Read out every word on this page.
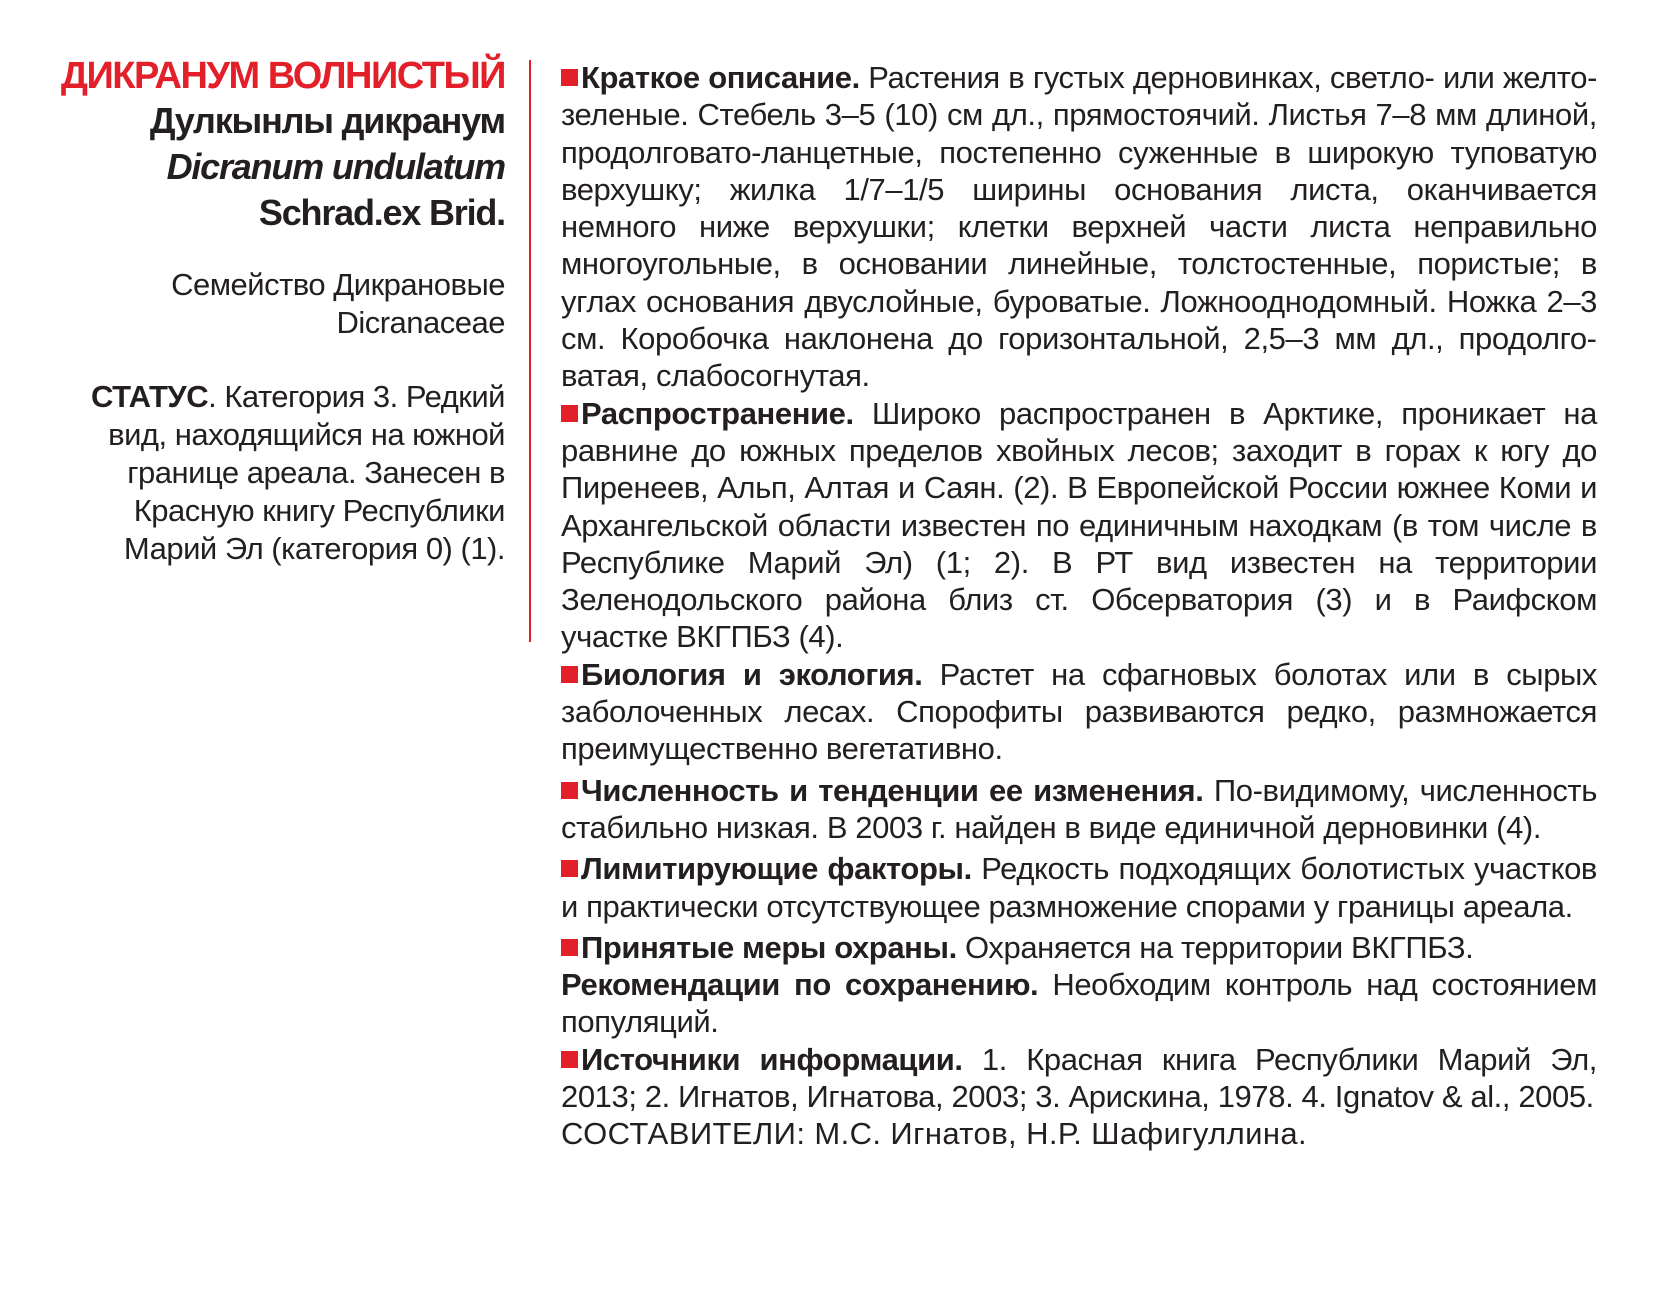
ДИКРАНУМ ВОЛНИСТЫЙ
Дулкынлы дикранум
Dicranum undulatum
Schrad.ex Brid.
Семейство Дикрановые
Dicranaceae
СТАТУС. Категория 3. Редкий вид, находящийся на южной границе ареала. Занесен в Красную книгу Республики Марий Эл (категория 0) (1).

Краткое описание. Растения в густых дерновинках, светло- или желто-зеленые. Стебель 3–5 (10) см дл., прямостоячий. Листья 7–8 мм длиной, продолговато-ланцетные, постепенно суженные в широкую туповатую верхушку; жилка 1/7–1/5 ширины основания листа, оканчивается немного ниже верхушки; клетки верхней части листа неправильно многоугольные, в основании линейные, толстостенные, пористые; в углах основания двуслойные, буроватые. Ложнооднодомный. Ножка 2–3 см. Коробочка наклонена до горизонтальной, 2,5–3 мм дл., продолговатая, слабосогнутая.

Распространение. Широко распространен в Арктике, проникает на равнине до южных пределов хвойных лесов; заходит в горах к югу до Пиренеев, Альп, Алтая и Саян. (2). В Европейской России южнее Коми и Архангельской области известен по единичным находкам (в том числе в Республике Марий Эл) (1; 2). В РТ вид известен на территории Зеленодольского района близ ст. Обсерватория (3) и в Раифском участке ВКГПБЗ (4).

Биология и экология. Растет на сфагновых болотах или в сырых заболоченных лесах. Спорофиты развиваются редко, размножается преимущественно вегетативно.

Численность и тенденции ее изменения. По-видимому, численность стабильно низкая. В 2003 г. найден в виде единичной дерновинки (4).

Лимитирующие факторы. Редкость подходящих болотистых участков и практически отсутствующее размножение спорами у границы ареала.

Принятые меры охраны. Охраняется на территории ВКГПБЗ.
Рекомендации по сохранению. Необходим контроль над состоянием популяций.

Источники информации. 1. Красная книга Республики Марий Эл, 2013; 2. Игнатов, Игнатова, 2003; 3. Арискина, 1978. 4. Ignatov & al., 2005.

СОСТАВИТЕЛИ: М.С. Игнатов, Н.Р. Шафигуллина.
